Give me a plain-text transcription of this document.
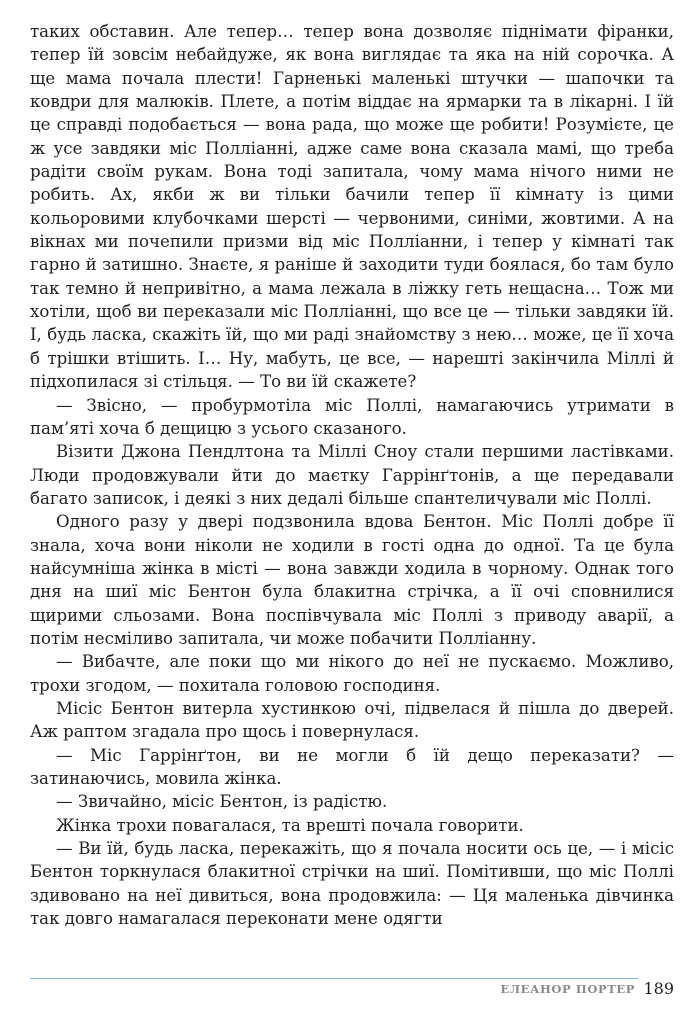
таких обставин. Але тепер… тепер вона дозволяє піднімати фіранки, тепер їй зовсім небайдуже, як вона виглядає та яка на ній сорочка. А ще мама почала плести! Гарненькі маленькі штучки — шапочки та ковдри для малюків. Плете, а потім віддає на ярмарки та в лікарні. І їй це справді подобається — вона рада, що може ще робити! Розумієте, це ж усе завдяки міс Полліанні, адже саме вона сказала мамі, що треба радіти своїм рукам. Вона тоді запитала, чому мама нічого ними не робить. Ах, якби ж ви тільки бачили тепер її кімнату із цими кольоровими клубочками шерсті — червоними, синіми, жовтими. А на вікнах ми почепили призми від міс Полліанни, і тепер у кімнаті так гарно й затишно. Знаєте, я раніше й заходити туди боялася, бо там було так темно й непривітно, а мама лежала в ліжку геть нещасна… Тож ми хотіли, щоб ви переказали міс Полліанні, що все це — тільки завдяки їй. І, будь ласка, скажіть їй, що ми раді знайомству з нею… може, це її хоча б трішки втішить. І… Ну, мабуть, це все, — нарешті закінчила Міллі й підхопилася зі стільця. — То ви їй скажете?

— Звісно, — пробурмотіла міс Поллі, намагаючись утримати в пам’яті хоча б дещицю з усього сказаного.

Візити Джона Пендлтона та Міллі Сноу стали першими ластівками. Люди продовжували йти до маєтку Гаррінґтонів, а ще передавали багато записок, і деякі з них дедалі більше спантеличували міс Поллі.

Одного разу у двері подзвонила вдова Бентон. Міс Поллі добре її знала, хоча вони ніколи не ходили в гості одна до одної. Та це була найсумніша жінка в місті — вона завжди ходила в чорному. Однак того дня на шиї міс Бентон була блакитна стрічка, а її очі сповнилися щирими сльозами. Вона поспівчувала міс Поллі з приводу аварії, а потім несміливо запитала, чи може побачити Полліанну.

— Вибачте, але поки що ми нікого до неї не пускаємо. Можливо, трохи згодом, — похитала головою господиня.

Місіс Бентон витерла хустинкою очі, підвелася й пішла до дверей. Аж раптом згадала про щось і повернулася.

— Міс Гаррінґтон, ви не могли б їй дещо переказати? — затинаючись, мовила жінка.

— Звичайно, місіс Бентон, із радістю.

Жінка трохи повагалася, та врешті почала говорити.

— Ви їй, будь ласка, перекажіть, що я почала носити ось це, — і місіс Бентон торкнулася блакитної стрічки на шиї. Помітивши, що міс Поллі здивовано на неї дивиться, вона продовжила: — Ця маленька дівчинка так довго намагалася переконати мене одягти

ЕЛЕАНОР ПОРТЕР 189
